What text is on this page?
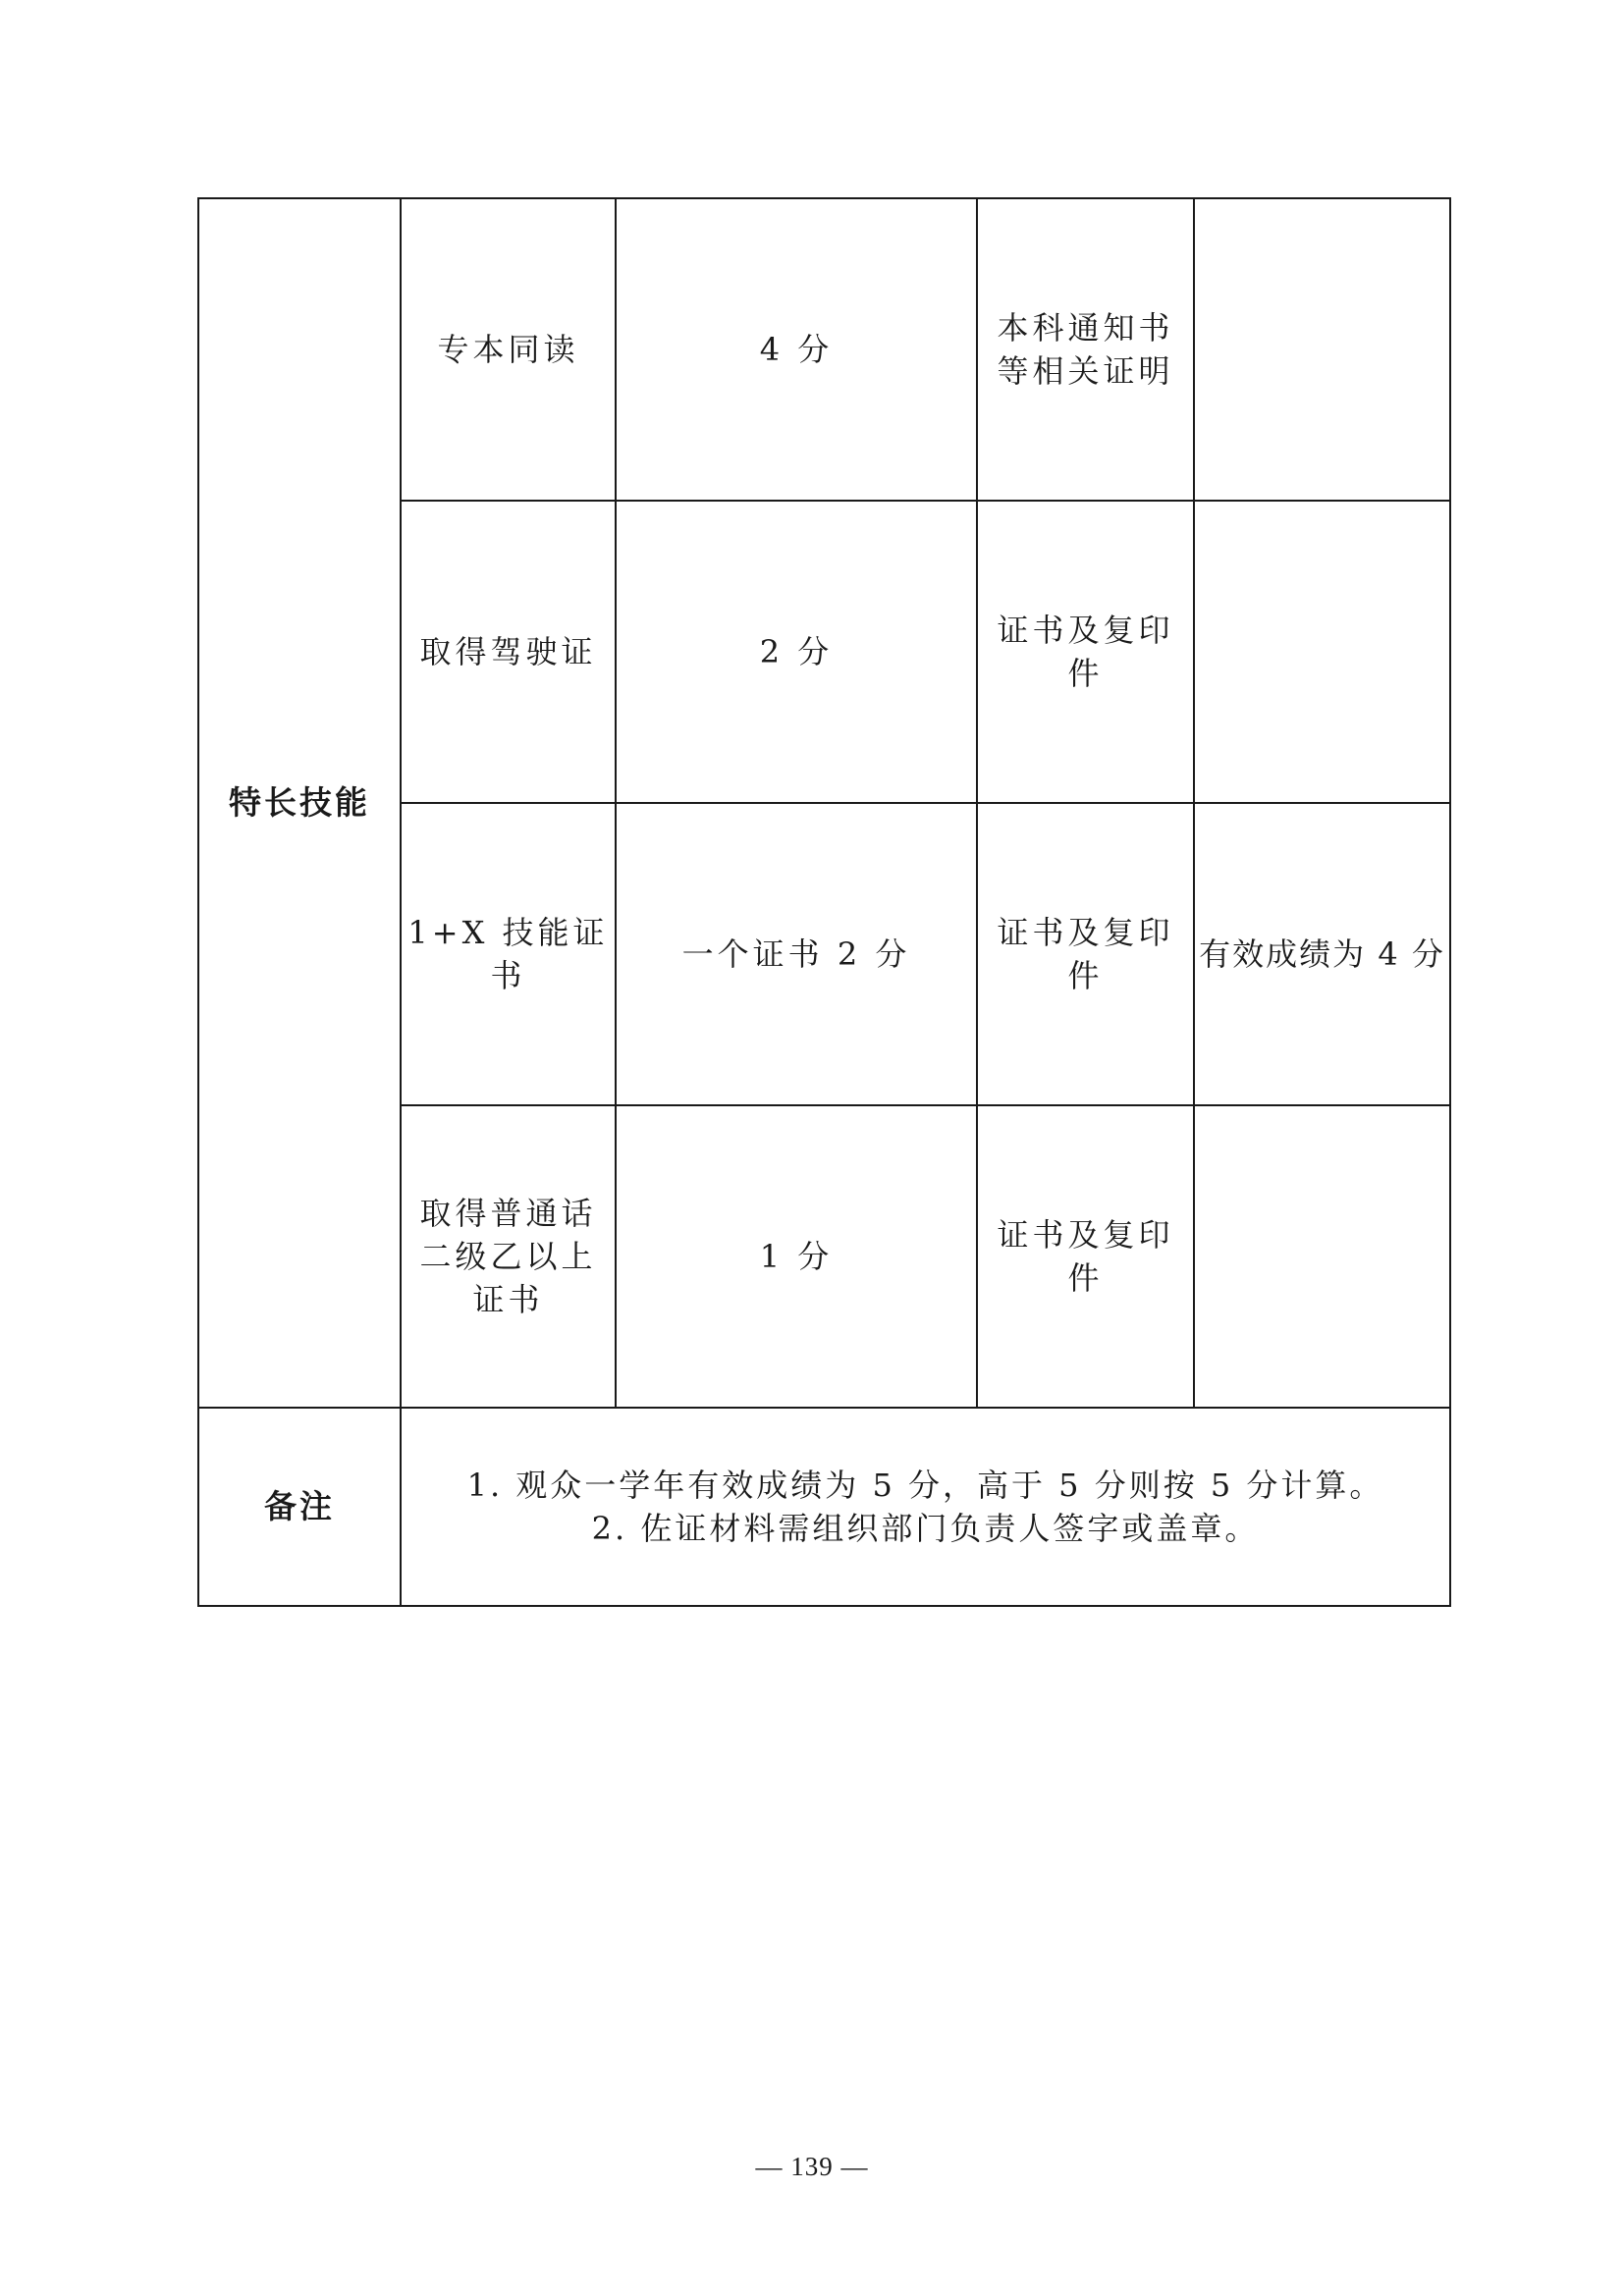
特长技能
专本同读	4 分
本科通知书
等相关证明
取得驾驶证	2 分
证书及复印
件
1+X 技能证
书
一个证书 2 分
证书及复印
件
有效成绩为 4 分
取得普通话
二级乙以上
证书
1 分
证书及复印
件
备注
1. 观众一学年有效成绩为 5 分，高于 5 分则按 5 分计算。
2. 佐证材料需组织部门负责人签字或盖章。
— 139 —
